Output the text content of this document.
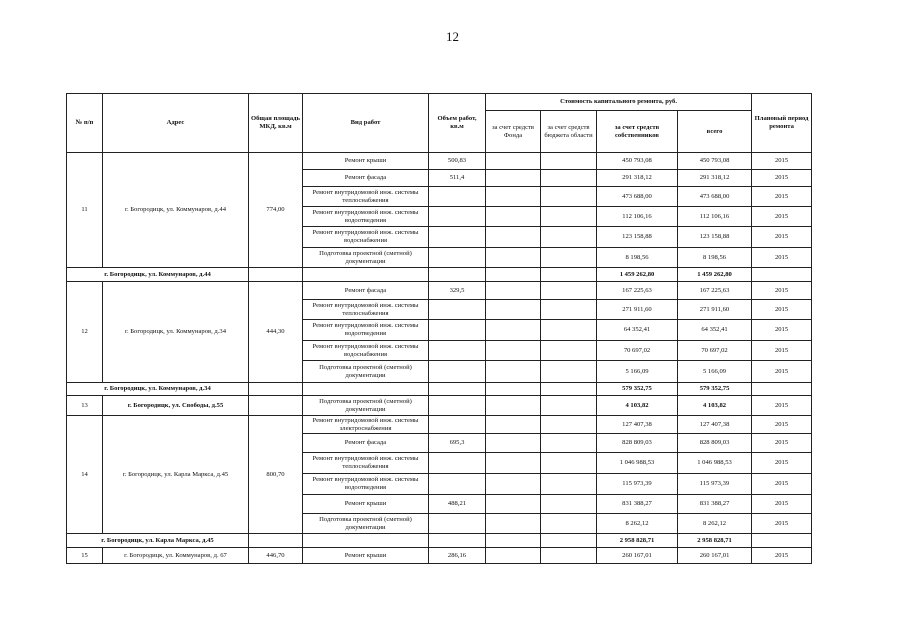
12
№ п/п	Адрес	Общая площадь МКД, кв.м	Вид работ	Объем работ, кв.м	Стоимость капитального ремонта, руб.				Плановый период ремонта
					за счет средств Фонда	за счет средств бюджета области	за счет средств собственников	всего	
11	г. Богородицк, ул. Коммунаров, д.44	774,00	Ремонт крыши	500,83			450 793,08	450 793,08	2015
			Ремонт фасада	511,4			291 318,12	291 318,12	2015
			Ремонт внутридомовой инж. системы теплоснабжения				473 688,00	473 688,00	2015
			Ремонт внутридомовой инж. системы водоотведения				112 106,16	112 106,16	2015
			Ремонт внутридомовой инж. системы водоснабжения				123 158,88	123 158,88	2015
			Подготовка проектной (сметной) документации				8 198,56	8 198,56	2015
г. Богородицк, ул. Коммунаров, д.44							1 459 262,80	1 459 262,80	
12	г. Богородицк, ул. Коммунаров, д.34	444,30	Ремонт фасада	329,5			167 225,63	167 225,63	2015
			Ремонт внутридомовой инж. системы теплоснабжения				271 911,60	271 911,60	2015
			Ремонт внутридомовой инж. системы водоотведения				64 352,41	64 352,41	2015
			Ремонт внутридомовой инж. системы водоснабжения				70 697,02	70 697,02	2015
			Подготовка проектной (сметной) документации				5 166,09	5 166,09	2015
г. Богородицк, ул. Коммунаров, д.34							579 352,75	579 352,75	
13	г. Богородицк, ул. Свободы, д.55		Подготовка проектной (сметной) документации				4 103,82	4 103,82	2015
14	г. Богородицк, ул. Карла Маркса, д.45	800,70	Ремонт внутридомовой инж. системы электроснабжения				127 407,38	127 407,38	2015
			Ремонт фасада	695,3			828 809,03	828 809,03	2015
			Ремонт внутридомовой инж. системы теплоснабжения				1 046 988,53	1 046 988,53	2015
			Ремонт внутридомовой инж. системы водоотведения				115 973,39	115 973,39	2015
			Ремонт крыши	488,21			831 388,27	831 388,27	2015
			Подготовка проектной (сметной) документации				8 262,12	8 262,12	2015
г. Богородицк, ул. Карла Маркса, д.45							2 958 828,71	2 958 828,71	
15	г. Богородицк, ул. Коммунаров, д. 67	446,70	Ремонт крыши	286,16			260 167,01	260 167,01	2015
